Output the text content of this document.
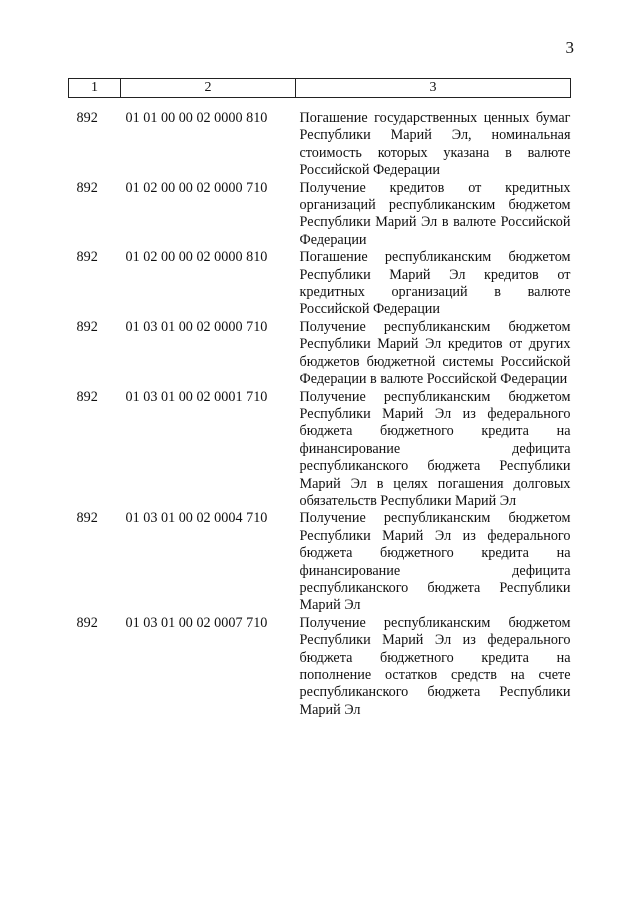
3
1	2	3
892	01 01 00 00 02 0000 810	Погашение государственных ценных бумаг Республики Марий Эл, номинальная стоимость которых указана в валюте Российской Федерации
892	01 02 00 00 02 0000 710	Получение кредитов от кредитных организаций республиканским бюджетом Республики Марий Эл в валюте Российской Федерации
892	01 02 00 00 02 0000 810	Погашение республиканским бюджетом Республики Марий Эл кредитов от кредитных организаций в валюте Российской Федерации
892	01 03 01 00 02 0000 710	Получение республиканским бюджетом Республики Марий Эл кредитов от других бюджетов бюджетной системы Российской Федерации в валюте Российской Федерации
892	01 03 01 00 02 0001 710	Получение республиканским бюджетом Республики Марий Эл из федерального бюджета бюджетного кредита на финансирование дефицита республиканского бюджета Республики Марий Эл в целях погашения долговых обязательств Республики Марий Эл
892	01 03 01 00 02 0004 710	Получение республиканским бюджетом Республики Марий Эл из федерального бюджета бюджетного кредита на финансирование дефицита республиканского бюджета Республики Марий Эл
892	01 03 01 00 02 0007 710	Получение республиканским бюджетом Республики Марий Эл из федерального бюджета бюджетного кредита на пополнение остатков средств на счете республиканского бюджета Республики Марий Эл
